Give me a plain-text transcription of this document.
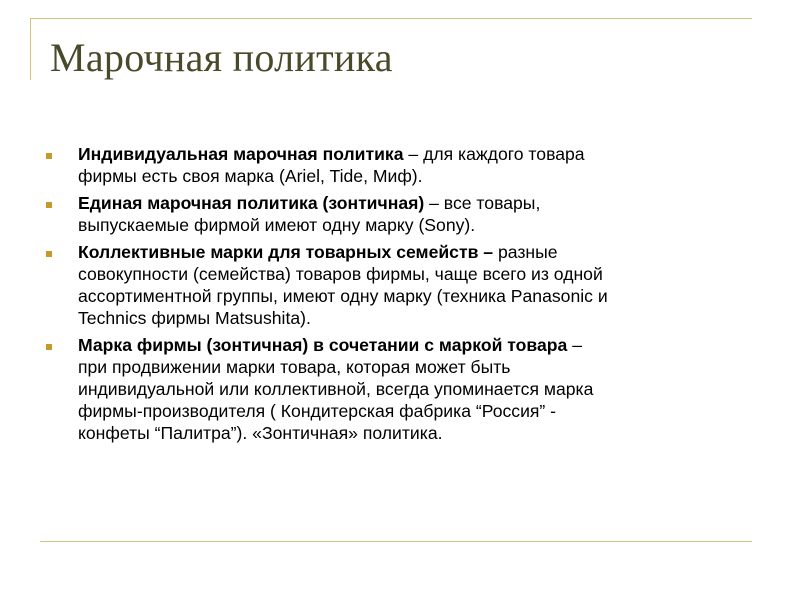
Марочная политика
Индивидуальная марочная политика – для каждого товара
фирмы есть своя марка (Ariel, Tide, Миф).
Единая марочная политика (зонтичная) – все товары,
выпускаемые фирмой имеют одну марку (Sony).
Коллективные марки для товарных семейств – разные
совокупности (семейства) товаров фирмы, чаще всего из одной
ассортиментной группы, имеют одну марку (техника Panasonic и
Technics фирмы Matsushita).
Марка фирмы (зонтичная) в сочетании с маркой товара –
при продвижении марки товара, которая может быть
индивидуальной или коллективной, всегда упоминается марка
фирмы-производителя ( Кондитерская фабрика “Россия” -
конфеты “Палитра”). «Зонтичная» политика.
